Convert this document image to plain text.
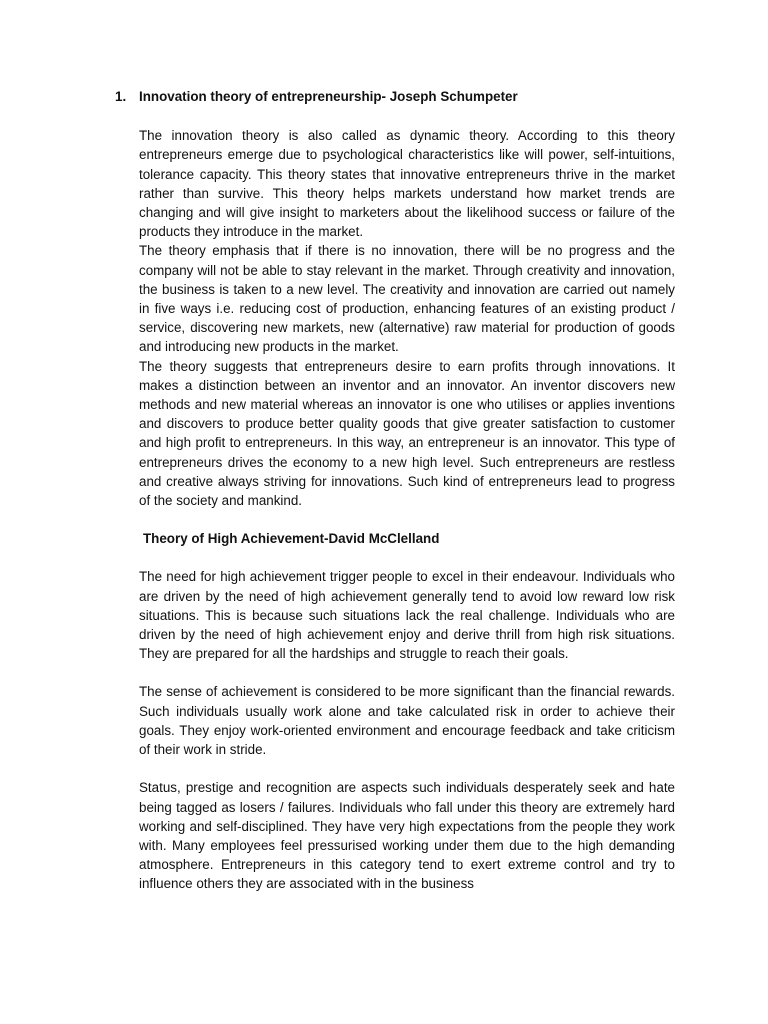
1. Innovation theory of entrepreneurship- Joseph Schumpeter

The innovation theory is also called as dynamic theory. According to this theory entrepreneurs emerge due to psychological characteristics like will power, self-intuitions, tolerance capacity. This theory states that innovative entrepreneurs thrive in the market rather than survive. This theory helps markets understand how market trends are changing and will give insight to marketers about the likelihood success or failure of the products they introduce in the market.

The theory emphasis that if there is no innovation, there will be no progress and the company will not be able to stay relevant in the market. Through creativity and innovation, the business is taken to a new level. The creativity and innovation are carried out namely in five ways i.e. reducing cost of production, enhancing features of an existing product / service, discovering new markets, new (alternative) raw material for production of goods and introducing new products in the market.

The theory suggests that entrepreneurs desire to earn profits through innovations. It makes a distinction between an inventor and an innovator. An inventor discovers new methods and new material whereas an innovator is one who utilises or applies inventions and discovers to produce better quality goods that give greater satisfaction to customer and high profit to entrepreneurs. In this way, an entrepreneur is an innovator. This type of entrepreneurs drives the economy to a new high level. Such entrepreneurs are restless and creative always striving for innovations. Such kind of entrepreneurs lead to progress of the society and mankind.

Theory of High Achievement-David McClelland

The need for high achievement trigger people to excel in their endeavour. Individuals who are driven by the need of high achievement generally tend to avoid low reward low risk situations. This is because such situations lack the real challenge. Individuals who are driven by the need of high achievement enjoy and derive thrill from high risk situations. They are prepared for all the hardships and struggle to reach their goals.

The sense of achievement is considered to be more significant than the financial rewards. Such individuals usually work alone and take calculated risk in order to achieve their goals. They enjoy work-oriented environment and encourage feedback and take criticism of their work in stride.

Status, prestige and recognition are aspects such individuals desperately seek and hate being tagged as losers / failures. Individuals who fall under this theory are extremely hard working and self-disciplined. They have very high expectations from the people they work with. Many employees feel pressurised working under them due to the high demanding atmosphere. Entrepreneurs in this category tend to exert extreme control and try to influence others they are associated with in the business
